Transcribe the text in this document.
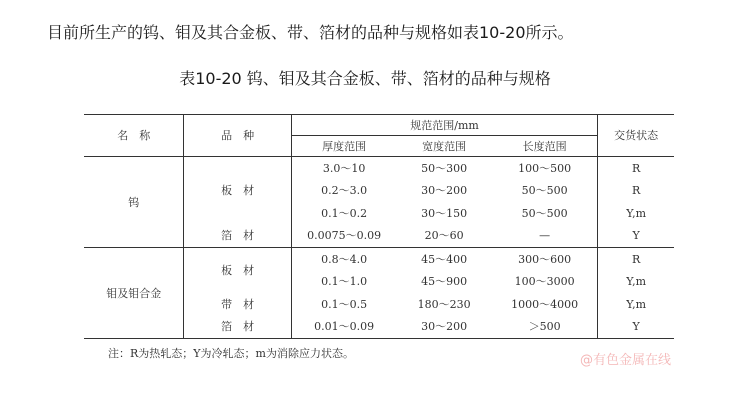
目前所生产的钨、钼及其合金板、带、箔材的品种与规格如表10-20所示。
表10-20 钨、钼及其合金板、带、箔材的品种与规格
名　称	品　种	规范范围/mm			交货状态
		厚度范围	宽度范围	长度范围	
钨	板　材	3.0～10	50～300	100～500	R
		0.2～3.0	30～200	50～500	R
		0.1～0.2	30～150	50～500	Y,m
	箔　材	0.0075～0.09	20～60	—	Y
钼及钼合金	板　材	0.8～4.0	45～400	300～600	R
		0.1～1.0	45～900	100～3000	Y,m
	带　材	0.1～0.5	180～230	1000～4000	Y,m
	箔　材	0.01～0.09	30～200	＞500	Y
注：R为热轧态；Y为冷轧态；m为消除应力状态。	@有色金属在线
